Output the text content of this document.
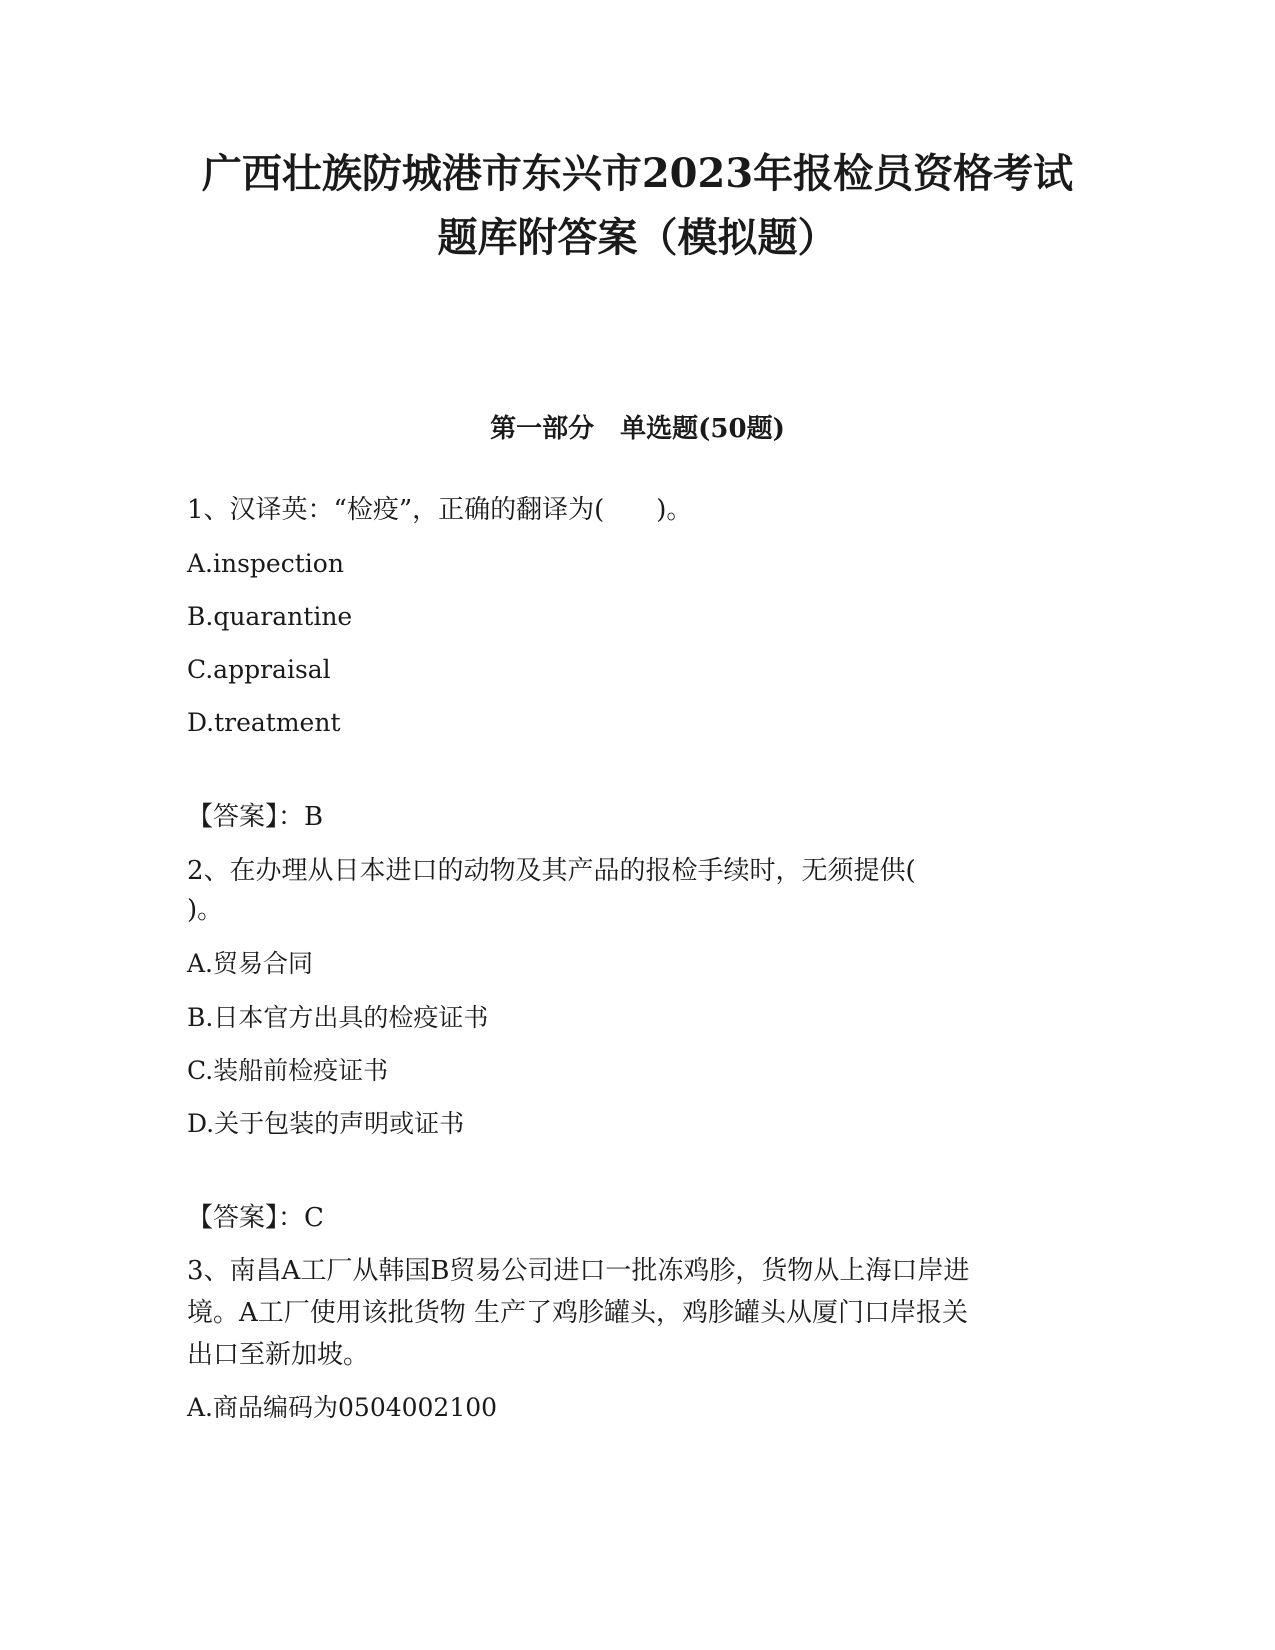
广西壮族防城港市东兴市2023年报检员资格考试
题库附答案（模拟题）
第一部分　单选题(50题)

1、汉译英：“检疫”，正确的翻译为(　　)。

A.inspection

B.quarantine

C.appraisal

D.treatment

【答案】：B

2、在办理从日本进口的动物及其产品的报检手续时，无须提供(

)。

A.贸易合同

B.日本官方出具的检疫证书

C.装船前检疫证书

D.关于包装的声明或证书

【答案】：C

3、南昌A工厂从韩国B贸易公司进口一批冻鸡胗，货物从上海口岸进

境。A工厂使用该批货物 生产了鸡胗罐头，鸡胗罐头从厦门口岸报关

出口至新加坡。

A.商品编码为0504002100
